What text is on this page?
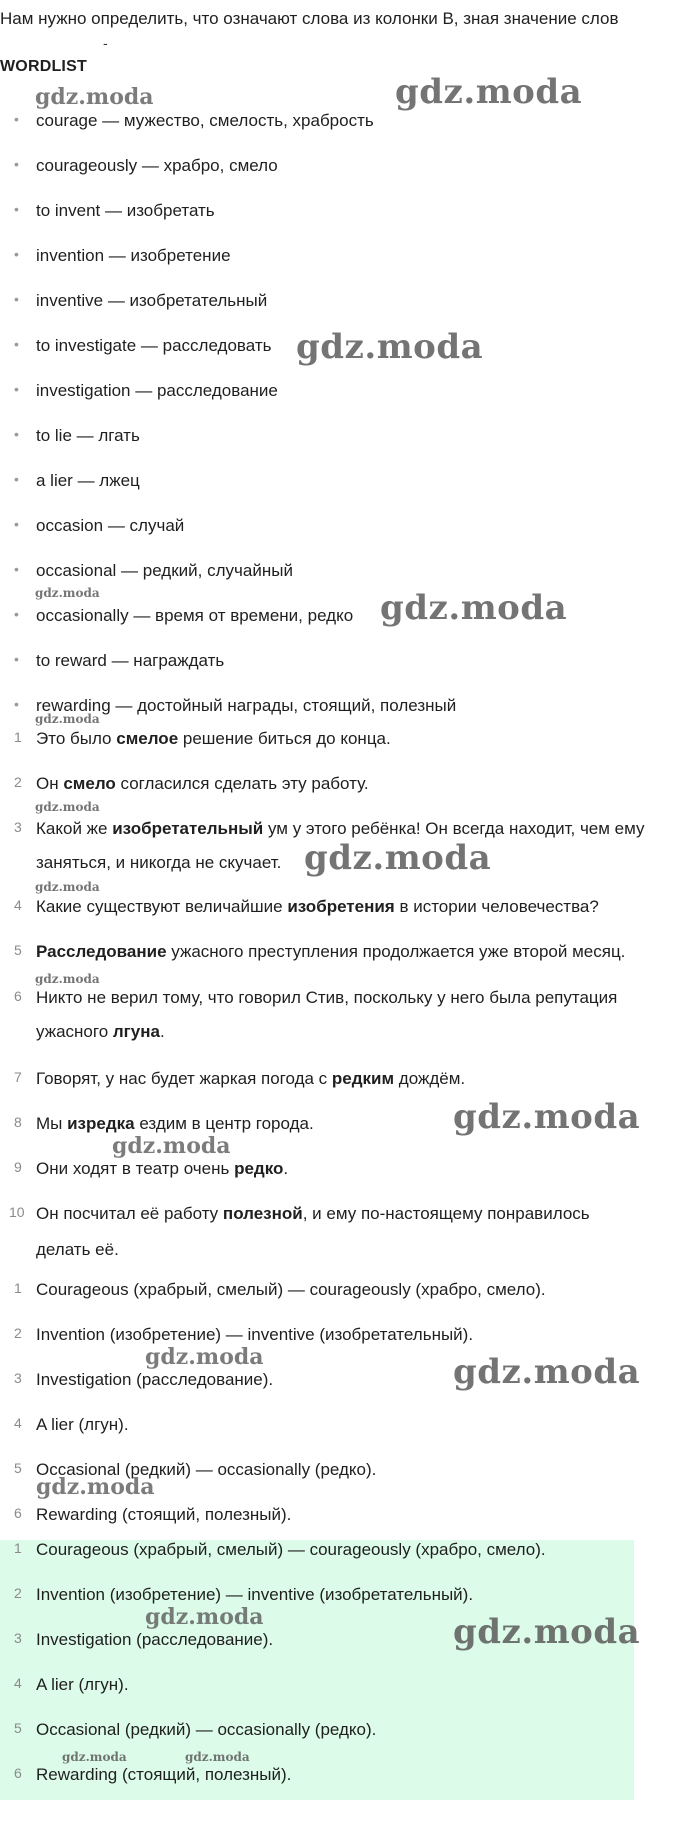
Нам нужно определить, что означают слова из колонки B, зная значение слов
-
WORDLIST
• courage — мужество, смелость, храбрость
• courageously — храбро, смело
• to invent — изобретать
• invention — изобретение
• inventive — изобретательный
• to investigate — расследовать
• investigation — расследование
• to lie — лгать
• a lier — лжец
• occasion — случай
• occasional — редкий, случайный
• occasionally — время от времени, редко
• to reward — награждать
• rewarding — достойный награды, стоящий, полезный
1 Это было смелое решение биться до конца.
2 Он смело согласился сделать эту работу.
3 Какой же изобретательный ум у этого ребёнка! Он всегда находит, чем ему
заняться, и никогда не скучает.
4 Какие существуют величайшие изобретения в истории человечества?
5 Расследование ужасного преступления продолжается уже второй месяц.
6 Никто не верил тому, что говорил Стив, поскольку у него была репутация
ужасного лгуна.
7 Говорят, у нас будет жаркая погода с редким дождём.
8 Мы изредка ездим в центр города.
9 Они ходят в театр очень редко.
10 Он посчитал её работу полезной, и ему по-настоящему понравилось
делать её.
1 Courageous (храбрый, смелый) — courageously (храбро, смело).
2 Invention (изобретение) — inventive (изобретательный).
3 Investigation (расследование).
4 A lier (лгун).
5 Occasional (редкий) — occasionally (редко).
6 Rewarding (стоящий, полезный).
1 Courageous (храбрый, смелый) — courageously (храбро, смело).
2 Invention (изобретение) — inventive (изобретательный).
3 Investigation (расследование).
4 A lier (лгун).
5 Occasional (редкий) — occasionally (редко).
6 Rewarding (стоящий, полезный).
gdz.moda	gdz.moda
gdz.moda
gdz.moda	gdz.moda
gdz.moda
gdz.moda
gdz.moda
gdz.moda
gdz.moda
gdz.moda
gdz.moda
gdz.moda	gdz.moda
gdz.moda
gdz.moda	gdz.moda
gdz.moda	gdz.moda
